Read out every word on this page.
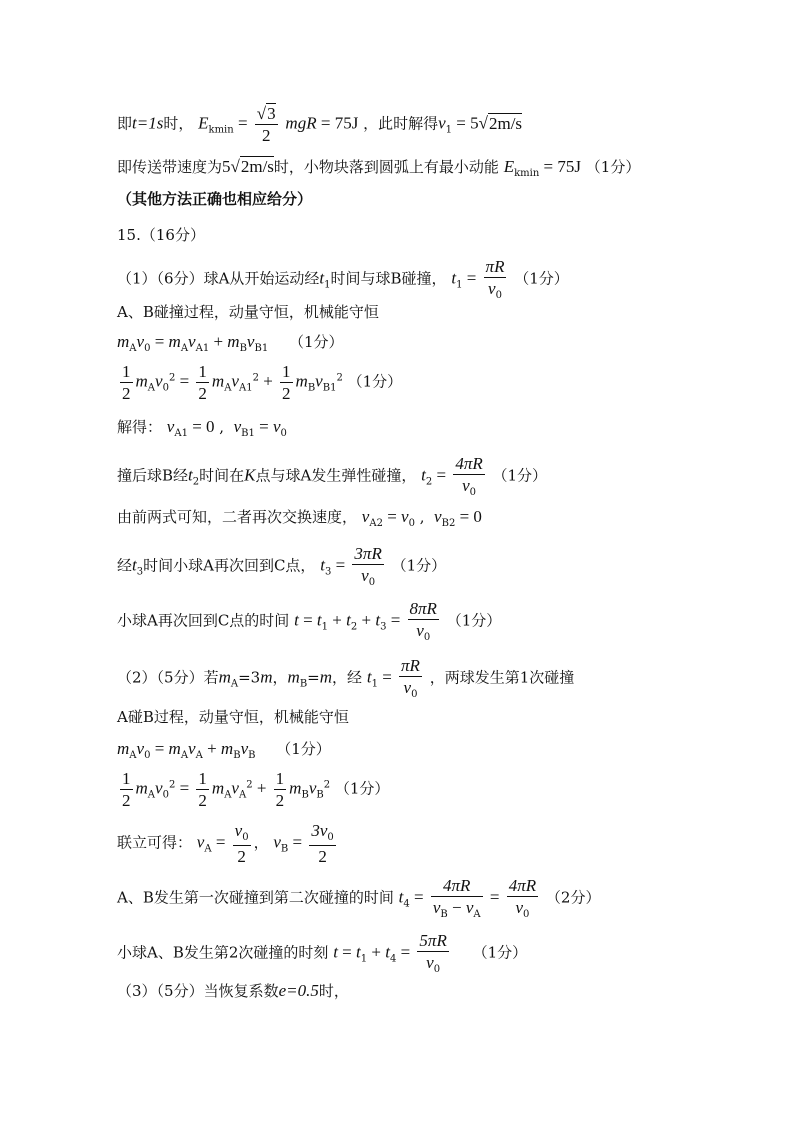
即t=1s时， $E_{kmin} = \frac{√3}{2}$ mgR = 75J ，此时解得$v_1 = 5√2m/s$
即传送带速度为5√2m/s时，小物块落到圆弧上有最小动能 $E_{kmin} = 75J$ （1分）
（其他方法正确也相应给分）
15.（16分）
（1）（6分）球A从开始运动经$t_1$时间与球B碰撞， $t_1 = \frac{\pi R}{v_0} (1$分）
A、B碰撞过程，动量守恒，机械能守恒
$m_Av_0 = m_Av_{A1} + m_Bv_{B1}$ （1分）
$\frac{1}{2} m_Av_0^2 = \frac{1}{2} m_Av_{A1}^2 + \frac{1}{2} m_Bv_{B1}^2$ （1分）
解得： $v_{A1} = 0$ ,  $v_{B1} = v_0$
撞后球B经$t_2$时间在K点与球A发生弹性碰撞， $t_2 = \frac{4\pi R}{v_0} (1$分）
由前两式可知，二者再次交换速度， $v_{A2} = v_0$ ,  $v_{B2} = 0$
经$t_3$时间小球A再次回到C点， $t_3 = \frac{3\pi R}{v_0} (1$分）
小球A再次回到C点的时间 $t = t_1 + t_2 + t_3 = \frac{8\pi R}{v_0} (1$分）
（2）（5分）若$m_A=3m$，$m_B=m$，经 $t_1 = \frac{\pi R}{v_0}$ ，两球发生第1次碰撞
A碰B过程，动量守恒，机械能守恒
$m_Av_0 = m_Av_A + m_Bv_B$ （1分）
$\frac{1}{2} m_Av_0^2 = \frac{1}{2} m_Av_A^2 + \frac{1}{2} m_Bv_B^2$ （1分）
联立可得： $v_A = \frac{v_0}{2}$ ， $v_B = \frac{3v_0}{2}$
A、B发生第一次碰撞到第二次碰撞的时间 $t_4 = \frac{4\pi R}{v_B - v_A} = \frac{4\pi R}{v_0} (2$分）
小球A、B发生第2次碰撞的时刻 $t = t_1 + t_4 = \frac{5\pi R}{v_0} (1$分）
（3）（5分）当恢复系数e=0.5时，
